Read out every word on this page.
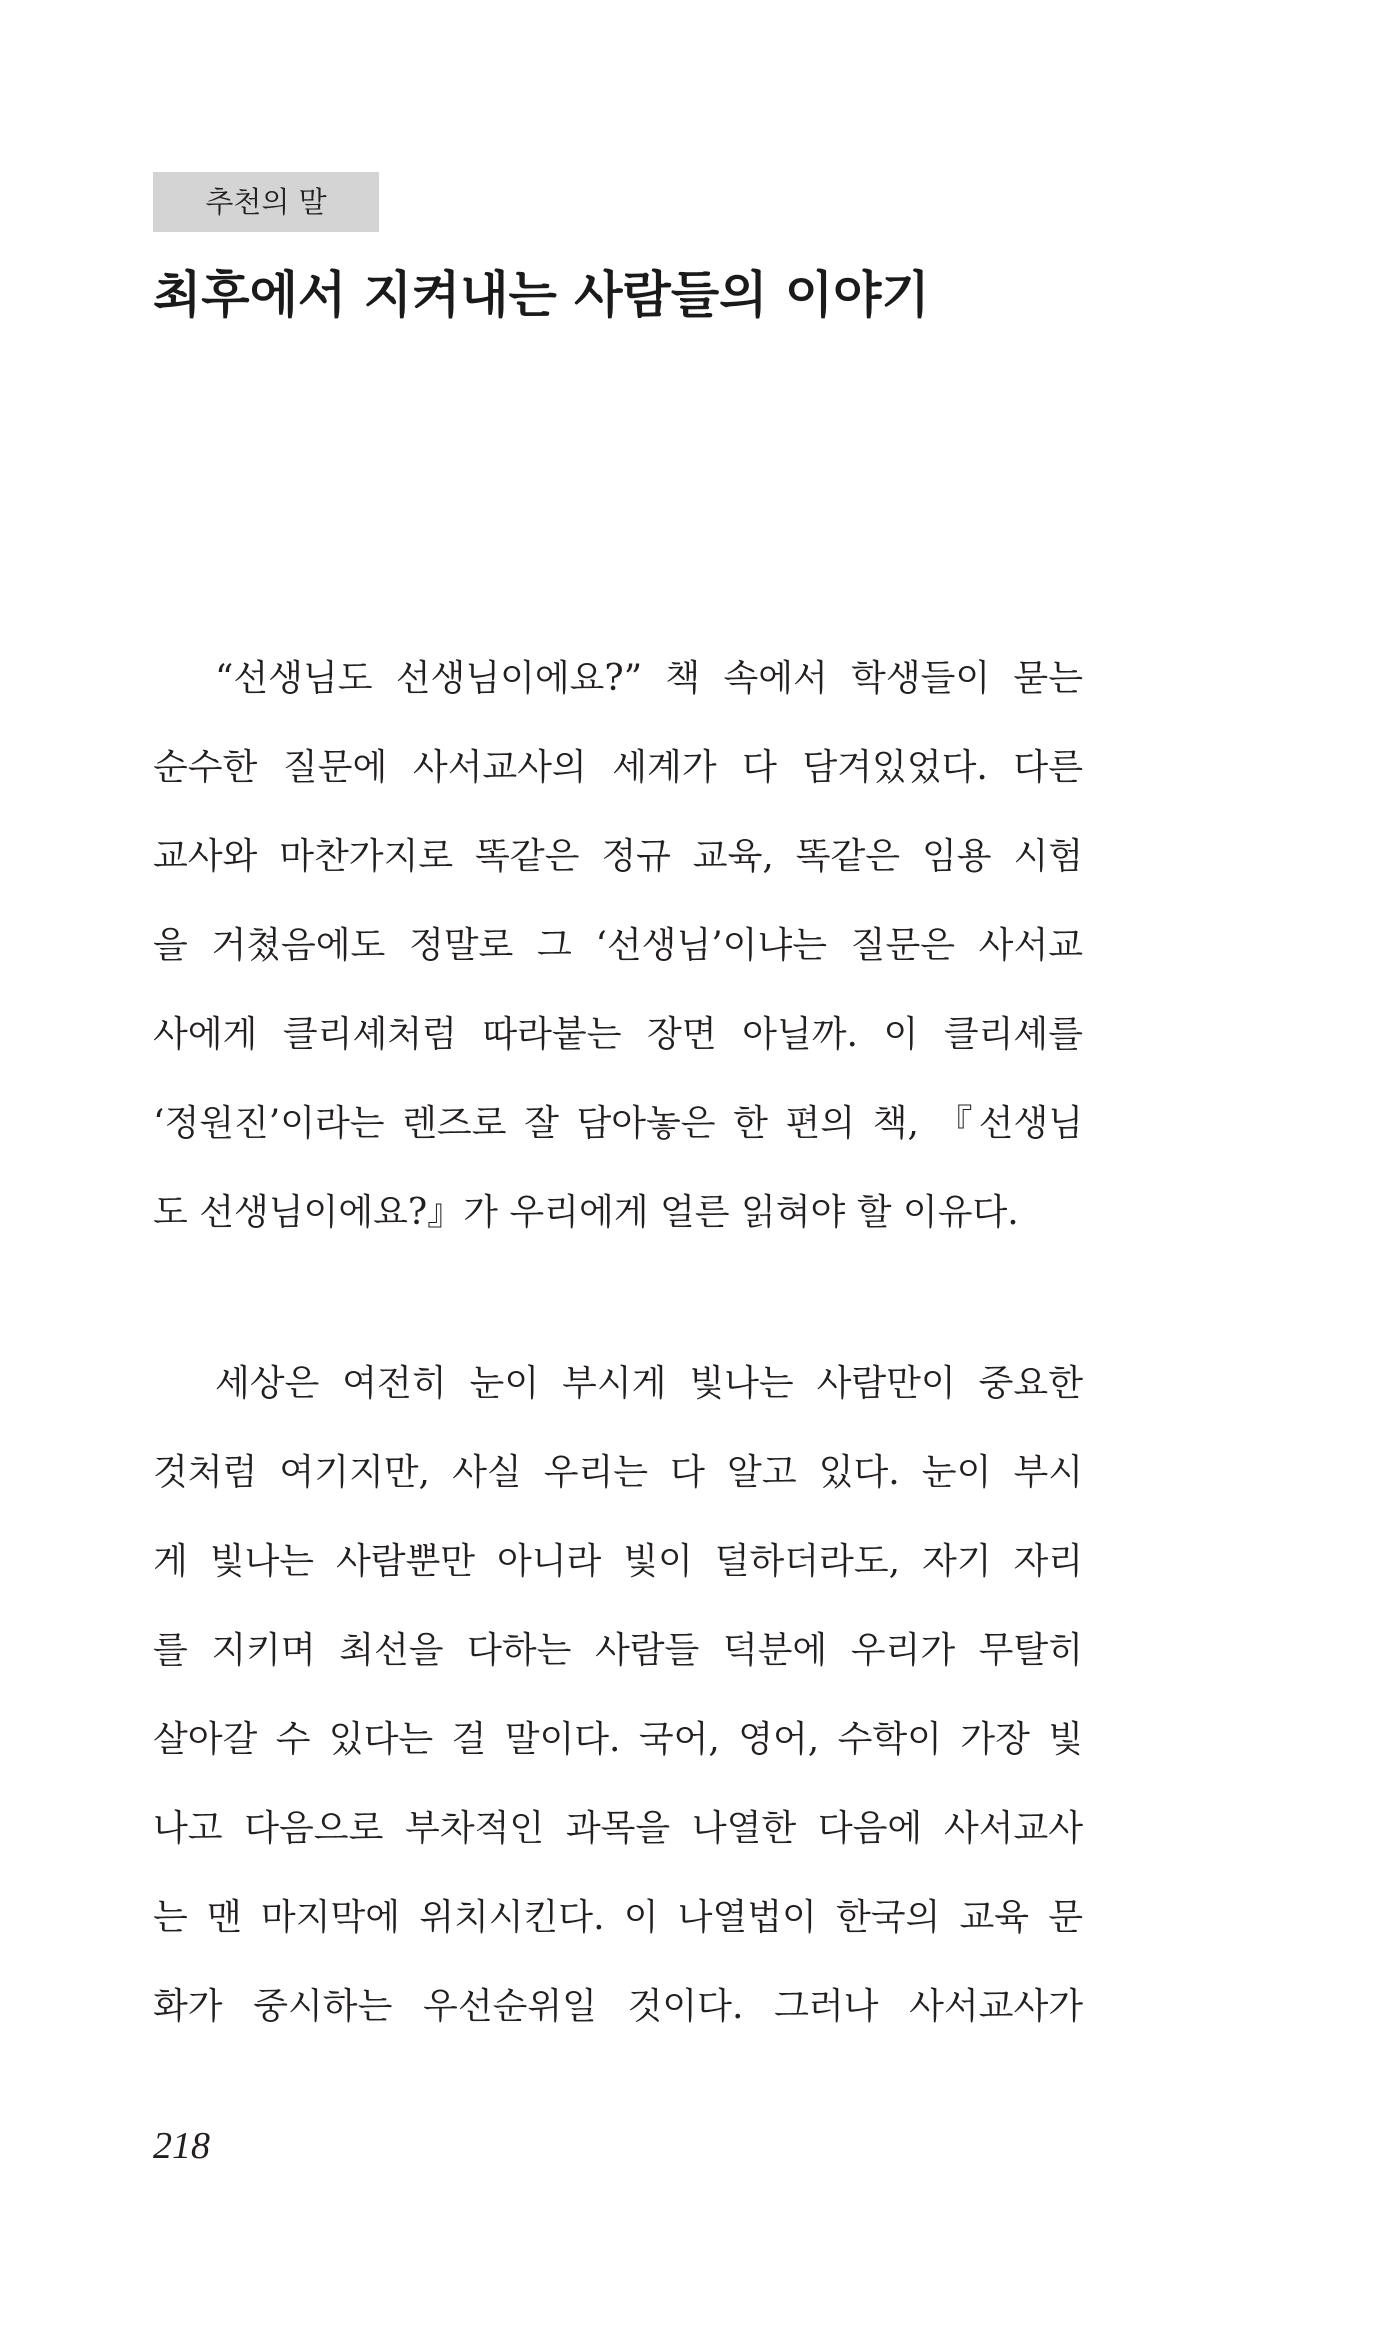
추천의 말
최후에서 지켜내는 사람들의 이야기
“선생님도 선생님이에요?” 책 속에서 학생들이 묻는
순수한 질문에 사서교사의 세계가 다 담겨있었다. 다른
교사와 마찬가지로 똑같은 정규 교육, 똑같은 임용 시험
을 거쳤음에도 정말로 그 ‘선생님’이냐는 질문은 사서교
사에게 클리셰처럼 따라붙는 장면 아닐까. 이 클리셰를
‘정원진’이라는 렌즈로 잘 담아놓은 한 편의 책, 『선생님
도 선생님이에요?』가 우리에게 얼른 읽혀야 할 이유다.
세상은 여전히 눈이 부시게 빛나는 사람만이 중요한
것처럼 여기지만, 사실 우리는 다 알고 있다. 눈이 부시
게 빛나는 사람뿐만 아니라 빛이 덜하더라도, 자기 자리
를 지키며 최선을 다하는 사람들 덕분에 우리가 무탈히
살아갈 수 있다는 걸 말이다. 국어, 영어, 수학이 가장 빛
나고 다음으로 부차적인 과목을 나열한 다음에 사서교사
는 맨 마지막에 위치시킨다. 이 나열법이 한국의 교육 문
화가 중시하는 우선순위일 것이다. 그러나 사서교사가
218
